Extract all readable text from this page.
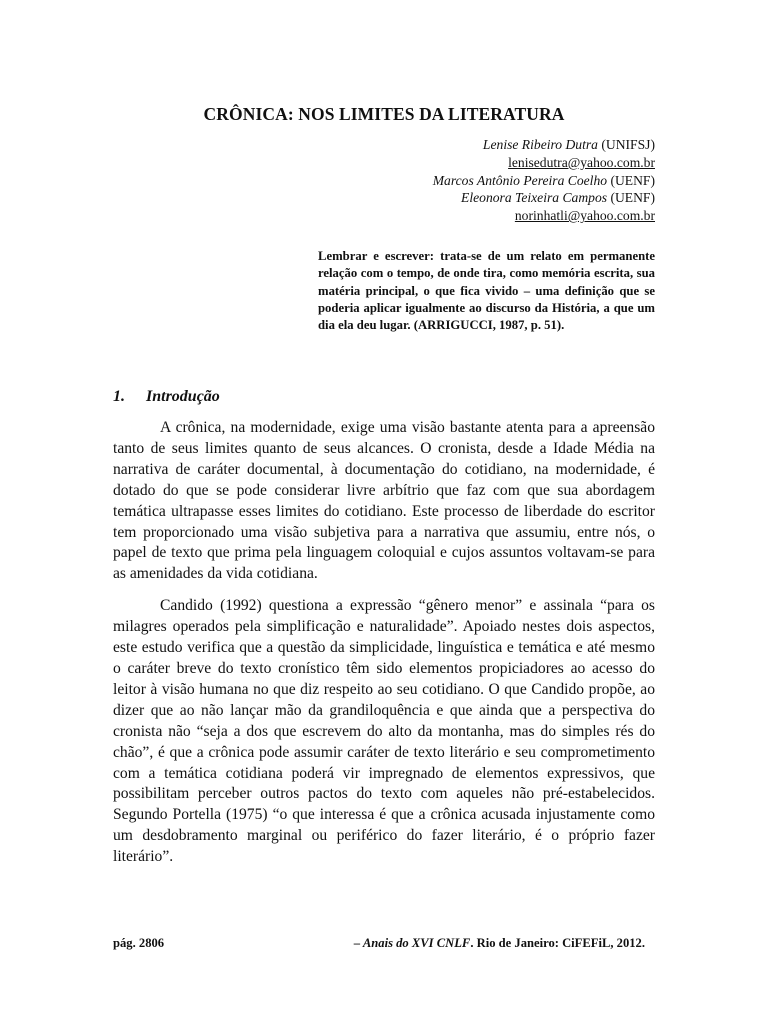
CRÔNICA: NOS LIMITES DA LITERATURA
Lenise Ribeiro Dutra (UNIFSJ)
lenisedutra@yahoo.com.br
Marcos Antônio Pereira Coelho (UENF)
Eleonora Teixeira Campos (UENF)
norinhatli@yahoo.com.br
Lembrar e escrever: trata-se de um relato em permanente relação com o tempo, de onde tira, como memória escrita, sua matéria principal, o que fica vivido – uma definição que se poderia aplicar igualmente ao discurso da História, a que um dia ela deu lugar. (ARRIGUCCI, 1987, p. 51).
1. Introdução

A crônica, na modernidade, exige uma visão bastante atenta para a apreensão tanto de seus limites quanto de seus alcances. O cronista, desde a Idade Média na narrativa de caráter documental, à documentação do cotidiano, na modernidade, é dotado do que se pode considerar livre arbítrio que faz com que sua abordagem temática ultrapasse esses limites do cotidiano. Este processo de liberdade do escritor tem proporcionado uma visão subjetiva para a narrativa que assumiu, entre nós, o papel de texto que prima pela linguagem coloquial e cujos assuntos voltavam-se para as amenidades da vida cotidiana.

Candido (1992) questiona a expressão “gênero menor” e assinala “para os milagres operados pela simplificação e naturalidade”. Apoiado nestes dois aspectos, este estudo verifica que a questão da simplicidade, linguística e temática e até mesmo o caráter breve do texto cronístico têm sido elementos propiciadores ao acesso do leitor à visão humana no que diz respeito ao seu cotidiano. O que Candido propõe, ao dizer que ao não lançar mão da grandiloquência e que ainda que a perspectiva do cronista não “seja a dos que escrevem do alto da montanha, mas do simples rés do chão”, é que a crônica pode assumir caráter de texto literário e seu comprometimento com a temática cotidiana poderá vir impregnado de elementos expressivos, que possibilitam perceber outros pactos do texto com aqueles não pré-estabelecidos. Segundo Portella (1975) “o que interessa é que a crônica acusada injustamente como um desdobramento marginal ou periférico do fazer literário, é o próprio fazer literário”.

pág. 2806	– Anais do XVI CNLF. Rio de Janeiro: CiFEFiL, 2012.
